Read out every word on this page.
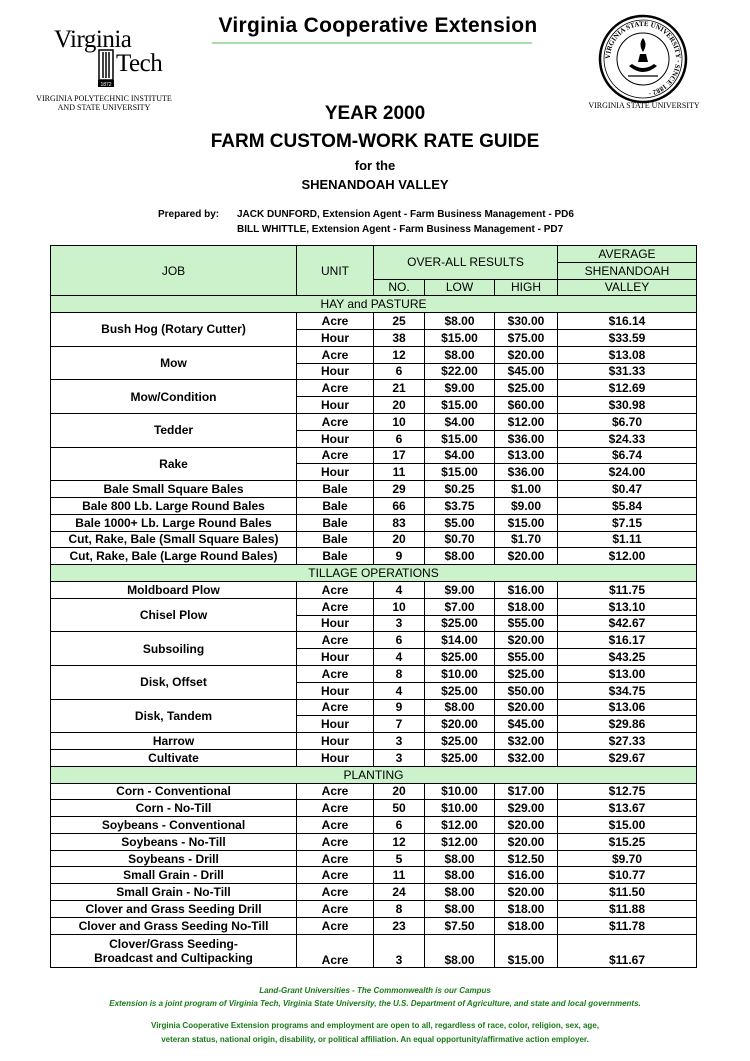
Virginia Cooperative Extension
Virginia
1872
Tech
VIRGINIA POLYTECHNIC INSTITUTE
AND STATE UNIVERSITY
VIRGINIA STATE UNIVERSITY · SINCE 1882 ·
VIRGINIA STATE UNIVERSITY
YEAR 2000
FARM CUSTOM-WORK RATE GUIDE
for the
SHENANDOAH VALLEY
Prepared by: JACK DUNFORD, Extension Agent - Farm Business Management - PD6
BILL WHITTLE, Extension Agent - Farm Business Management - PD7
JOB	UNIT	OVER-ALL RESULTS			AVERAGE
					SHENANDOAH
		NO.	LOW	HIGH	VALLEY
HAY and PASTURE					
Bush Hog (Rotary Cutter)	Acre	25	$8.00	$30.00	$16.14
	Hour	38	$15.00	$75.00	$33.59
Mow	Acre	12	$8.00	$20.00	$13.08
	Hour	6	$22.00	$45.00	$31.33
Mow/Condition	Acre	21	$9.00	$25.00	$12.69
	Hour	20	$15.00	$60.00	$30.98
Tedder	Acre	10	$4.00	$12.00	$6.70
	Hour	6	$15.00	$36.00	$24.33
Rake	Acre	17	$4.00	$13.00	$6.74
	Hour	11	$15.00	$36.00	$24.00
Bale Small Square Bales	Bale	29	$0.25	$1.00	$0.47
Bale 800 Lb. Large Round Bales	Bale	66	$3.75	$9.00	$5.84
Bale 1000+ Lb. Large Round Bales	Bale	83	$5.00	$15.00	$7.15
Cut, Rake, Bale (Small Square Bales)	Bale	20	$0.70	$1.70	$1.11
Cut, Rake, Bale (Large Round Bales)	Bale	9	$8.00	$20.00	$12.00
TILLAGE OPERATIONS					
Moldboard Plow	Acre	4	$9.00	$16.00	$11.75
Chisel Plow	Acre	10	$7.00	$18.00	$13.10
	Hour	3	$25.00	$55.00	$42.67
Subsoiling	Acre	6	$14.00	$20.00	$16.17
	Hour	4	$25.00	$55.00	$43.25
Disk, Offset	Acre	8	$10.00	$25.00	$13.00
	Hour	4	$25.00	$50.00	$34.75
Disk, Tandem	Acre	9	$8.00	$20.00	$13.06
	Hour	7	$20.00	$45.00	$29.86
Harrow	Hour	3	$25.00	$32.00	$27.33
Cultivate	Hour	3	$25.00	$32.00	$29.67
PLANTING					
Corn - Conventional	Acre	20	$10.00	$17.00	$12.75
Corn - No-Till	Acre	50	$10.00	$29.00	$13.67
Soybeans - Conventional	Acre	6	$12.00	$20.00	$15.00
Soybeans - No-Till	Acre	12	$12.00	$20.00	$15.25
Soybeans - Drill	Acre	5	$8.00	$12.50	$9.70
Small Grain - Drill	Acre	11	$8.00	$16.00	$10.77
Small Grain - No-Till	Acre	24	$8.00	$20.00	$11.50
Clover and Grass Seeding Drill	Acre	8	$8.00	$18.00	$11.88
Clover and Grass Seeding No-Till	Acre	23	$7.50	$18.00	$11.78
Clover/Grass Seeding-
Broadcast and Cultipacking	Acre	3	$8.00	$15.00	$11.67
Land-Grant Universities - The Commonwealth is our Campus
Extension is a joint program of Virginia Tech, Virginia State University, the U.S. Department of Agriculture, and state and local governments.
Virginia Cooperative Extension programs and employment are open to all, regardless of race, color, religion, sex, age,
veteran status, national origin, disability, or political affiliation. An equal opportunity/affirmative action employer.
